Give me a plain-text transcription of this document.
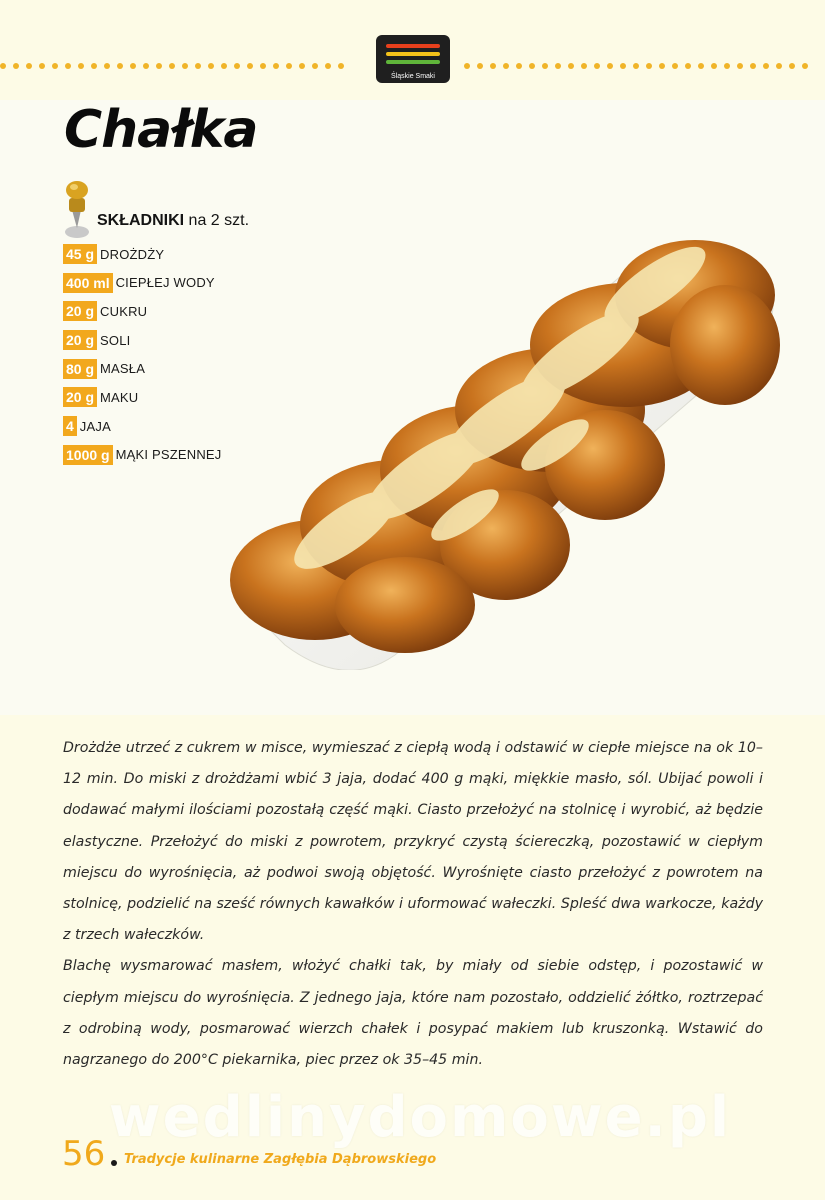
Śląskie Smaki
Chałka
SKŁADNIKI na 2 szt.
45 g DROŻDŻY
400 ml CIEPŁEJ WODY
20 g CUKRU
20 g SOLI
80 g MASŁA
20 g MAKU
4 JAJA
1000 g MĄKI PSZENNEJ

Drożdże utrzeć z cukrem w misce, wymieszać z ciepłą wodą i odstawić w ciepłe miejsce na ok 10–12 min. Do miski z drożdżami wbić 3 jaja, dodać 400 g mąki, miękkie masło, sól. Ubijać powoli i dodawać małymi ilościami pozostałą część mąki. Ciasto przełożyć na stolnicę i wyrobić, aż będzie elastyczne. Przełożyć do miski z powrotem, przykryć czystą ściereczką, pozostawić w ciepłym miejscu do wyrośnięcia, aż podwoi swoją objętość. Wyrośnięte ciasto przełożyć z powrotem na stolnicę, podzielić na sześć równych kawałków i uformować wałeczki. Spleść dwa warkocze, każdy z trzech wałeczków.

Blachę wysmarować masłem, włożyć chałki tak, by miały od siebie odstęp, i pozostawić w ciepłym miejscu do wyrośnięcia. Z jednego jaja, które nam pozostało, oddzielić żółtko, roztrzepać z odrobiną wody, posmarować wierzch chałek i posypać makiem lub kruszonką. Wstawić do nagrzanego do 200°C piekarnika, piec przez ok 35–45 min.

wedlinydomowe.pl
56 Tradycje kulinarne Zagłębia Dąbrowskiego
